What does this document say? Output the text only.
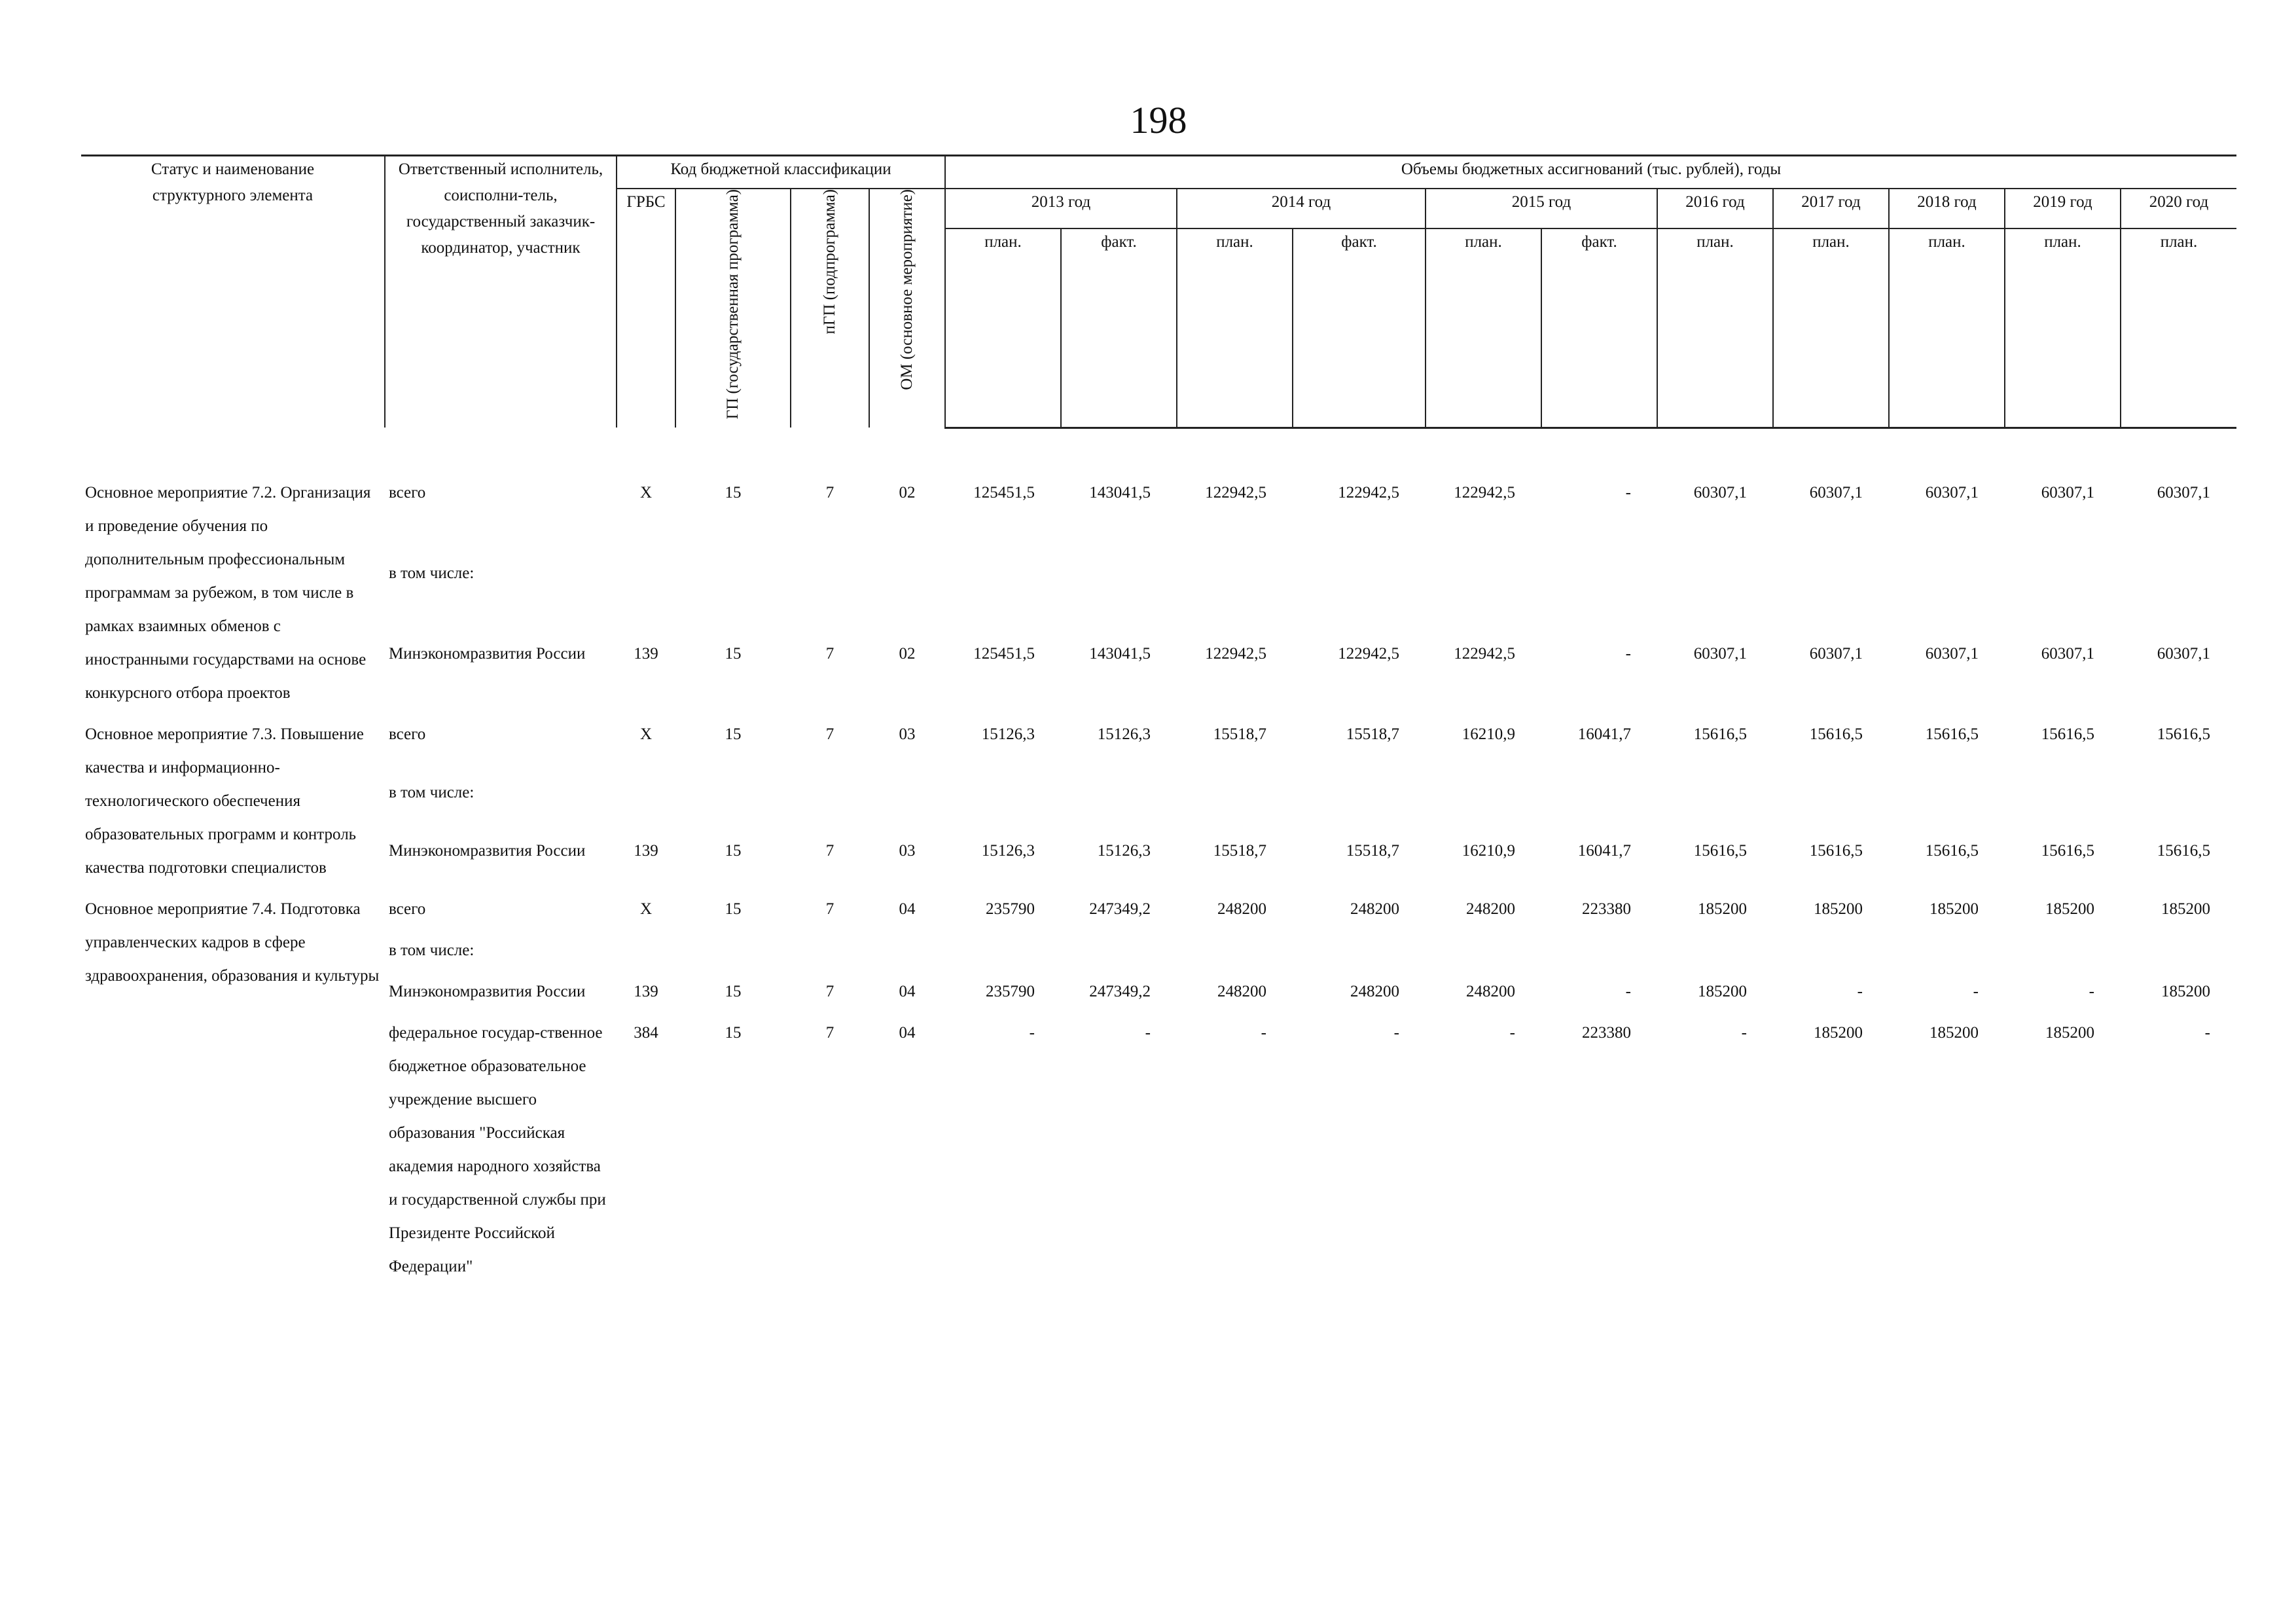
198
Статус и наименование структурного элемента	Ответственный исполнитель, соисполни-тель, государственный заказчик-координатор, участник	Код бюджетной классификации				Объемы бюджетных ассигнований (тыс. рублей), годы										
		ГРБС	ГП (государственная программа)	пГП (подпрограмма)	ОМ (основное мероприятие)	2013 год		2014 год		2015 год		2016 год	2017 год	2018 год	2019 год	2020 год
						план.	факт.	план.	факт.	план.	факт.	план.	план.	план.	план.	план.

Основное мероприятие 7.2. Организация и проведение обучения по дополнительным профессиональным программам за рубежом, в том числе в рамках взаимных обменов с иностранными государствами на основе конкурсного отбора проектов	всего	X	15	7	02	125451,5	143041,5	122942,5	122942,5	122942,5	-	60307,1	60307,1	60307,1	60307,1	60307,1
	в том числе:															
	Минэкономразвития России	139	15	7	02	125451,5	143041,5	122942,5	122942,5	122942,5	-	60307,1	60307,1	60307,1	60307,1	60307,1
Основное мероприятие 7.3. Повышение качества и информационно-технологического обеспечения образовательных программ и контроль качества подготовки специалистов	всего	X	15	7	03	15126,3	15126,3	15518,7	15518,7	16210,9	16041,7	15616,5	15616,5	15616,5	15616,5	15616,5
	в том числе:															
	Минэкономразвития России	139	15	7	03	15126,3	15126,3	15518,7	15518,7	16210,9	16041,7	15616,5	15616,5	15616,5	15616,5	15616,5
Основное мероприятие 7.4. Подготовка управленческих кадров в сфере здравоохранения, образования и культуры	всего	X	15	7	04	235790	247349,2	248200	248200	248200	223380	185200	185200	185200	185200	185200
	в том числе:															
	Минэкономразвития России	139	15	7	04	235790	247349,2	248200	248200	248200	-	185200	-	-	-	185200
	федеральное государ-ственное бюджетное образовательное учреждение высшего образования "Российская академия народного хозяйства и государственной службы при Президенте Российской Федерации"	384	15	7	04	-	-	-	-	-	223380	-	185200	185200	185200	-
